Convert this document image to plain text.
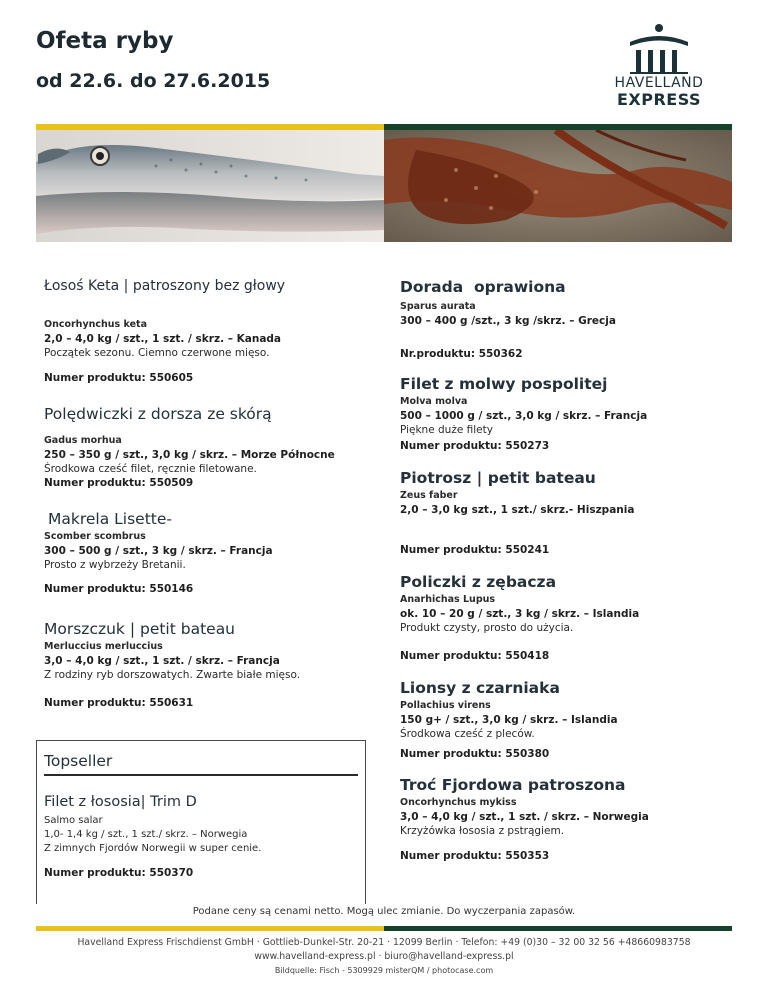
Ofeta ryby
od 22.6. do 27.6.2015	HAVELLAND
EXPRESS
Łosoś Keta | patroszony bez głowy
Oncorhynchus keta
2,0 – 4,0 kg / szt., 1 szt. / skrz. – Kanada
Początek sezonu. Ciemno czerwone mięso.
Numer produktu: 550605
Polędwiczki z dorsza ze skórą
Gadus morhua
250 – 350 g / szt., 3,0 kg / skrz. – Morze Północne
Środkowa cześć filet, ręcznie filetowane.
Numer produktu: 550509
Makrela Lisette-
Scomber scombrus
300 – 500 g / szt., 3 kg / skrz. – Francja
Prosto z wybrzeży Bretanii.
Numer produktu: 550146
Morszczuk | petit bateau
Merluccius merluccius
3,0 – 4,0 kg / szt., 1 szt. / skrz. – Francja
Z rodziny ryb dorszowatych. Zwarte białe mięso.
Numer produktu: 550631
Topseller
Filet z łososia| Trim D
Salmo salar
1,0- 1,4 kg / szt., 1 szt./ skrz. – Norwegia
Z zimnych Fjordów Norwegii w super cenie.
Numer produktu: 550370
Dorada  oprawiona
Sparus aurata
300 – 400 g /szt., 3 kg /skrz. – Grecja
Nr.produktu: 550362
Filet z molwy pospolitej
Molva molva
500 – 1000 g / szt., 3,0 kg / skrz. – Francja
Piękne duże filety
Numer produktu: 550273
Piotrosz | petit bateau
Zeus faber
2,0 – 3,0 kg szt., 1 szt./ skrz.- Hiszpania
Numer produktu: 550241
Policzki z zębacza
Anarhichas Lupus
ok. 10 – 20 g / szt., 3 kg / skrz. – Islandia
Produkt czysty, prosto do użycia.
Numer produktu: 550418
Lionsy z czarniaka
Pollachius virens
150 g+ / szt., 3,0 kg / skrz. – Islandia
Środkowa cześć z pleców.
Numer produktu: 550380
Troć Fjordowa patroszona
Oncorhynchus mykiss
3,0 – 4,0 kg / szt., 1 szt. / skrz. – Norwegia
Krzyżówka łososia z pstrągiem.
Numer produktu: 550353
Podane ceny są cenami netto. Mogą ulec zmianie. Do wyczerpania zapasów.
Havelland Express Frischdienst GmbH · Gottlieb-Dunkel-Str. 20-21 · 12099 Berlin · Telefon: +49 (0)30 – 32 00 32 56 +48660983758 www.havelland-express.pl · biuro@havelland-express.pl
Bildquelle: Fisch - 5309929 misterQM / photocase.com
